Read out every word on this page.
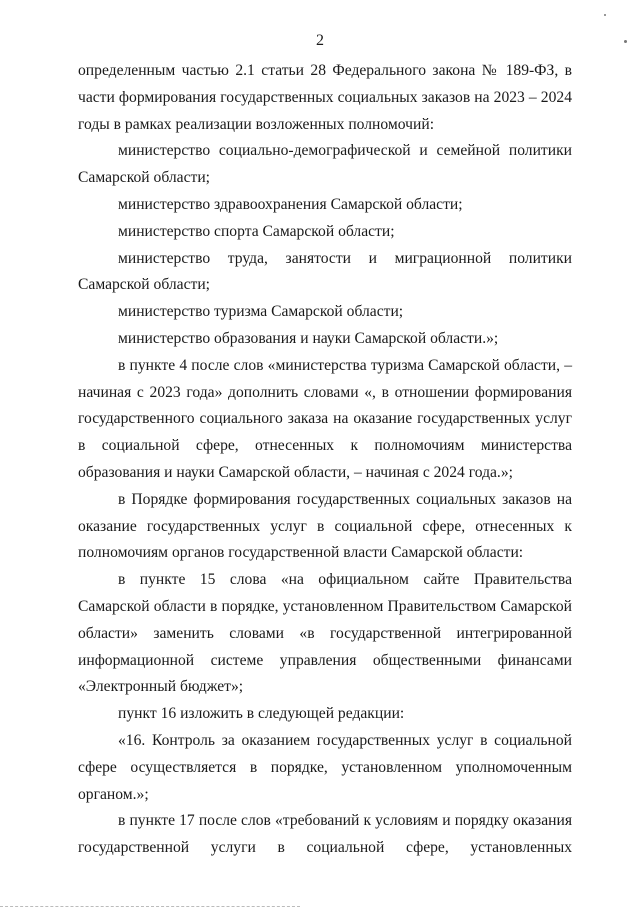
2

определенным частью 2.1 статьи 28 Федерального закона № 189-ФЗ, в части формирования государственных социальных заказов на 2023 – 2024 годы в рамках реализации возложенных полномочий:

министерство социально-демографической и семейной политики Самарской области;

министерство здравоохранения Самарской области;

министерство спорта Самарской области;

министерство труда, занятости и миграционной политики Самарской области;

министерство туризма Самарской области;

министерство образования и науки Самарской области.»;

в пункте 4 после слов «министерства туризма Самарской области, – начиная с 2023 года» дополнить словами «, в отношении формирования государственного социального заказа на оказание государственных услуг в социальной сфере, отнесенных к полномочиям министерства образования и науки Самарской области, – начиная с 2024 года.»;

в Порядке формирования государственных социальных заказов на оказание государственных услуг в социальной сфере, отнесенных к полномочиям органов государственной власти Самарской области:

в пункте 15 слова «на официальном сайте Правительства Самарской области в порядке, установленном Правительством Самарской области» заменить словами «в государственной интегрированной информационной системе управления общественными финансами «Электронный бюджет»;

пункт 16 изложить в следующей редакции:

«16. Контроль за оказанием государственных услуг в социальной сфере осуществляется в порядке, установленном уполномоченным органом.»;

в пункте 17 после слов «требований к условиям и порядку оказания государственной услуги в социальной сфере, установленных
